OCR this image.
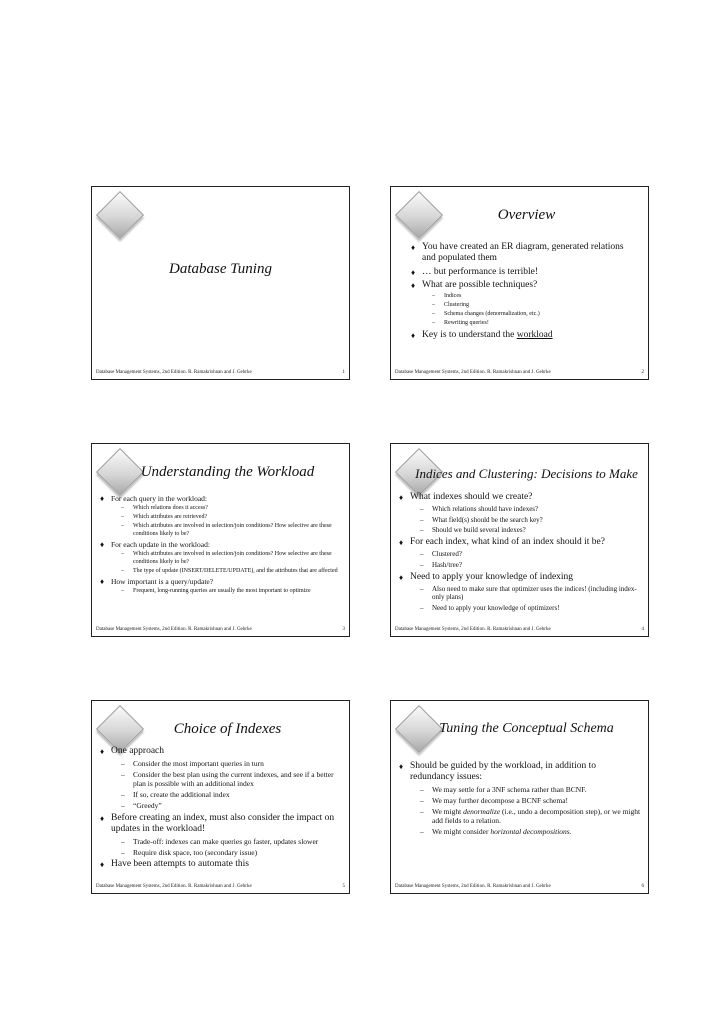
Database Tuning
Database Management Systems, 2nd Edition. R. Ramakrishnan and J. Gehrke	1
Overview
♦ You have created an ER diagram, generated relations and populated them
♦ … but performance is terrible!
♦ What are possible techniques?
– Indices
– Clustering
– Schema changes (denormalization, etc.)
– Rewriting queries!
♦ Key is to understand the workload
Database Management Systems, 2nd Edition. R. Ramakrishnan and J. Gehrke	2
Understanding the Workload
♦ For each query in the workload:
– Which relations does it access?
– Which attributes are retrieved?
– Which attributes are involved in selection/join conditions? How selective are these conditions likely to be?
♦ For each update in the workload:
– Which attributes are involved in selection/join conditions? How selective are these conditions likely to be?
– The type of update (INSERT/DELETE/UPDATE), and the attributes that are affected
♦ How important is a query/update?
– Frequent, long-running queries are usually the most important to optimize
Database Management Systems, 2nd Edition. R. Ramakrishnan and J. Gehrke	3
Indices and Clustering: Decisions to Make
♦ What indexes should we create?
– Which relations should have indexes?
– What field(s) should be the search key?
– Should we build several indexes?
♦ For each index, what kind of an index should it be?
– Clustered?
– Hash/tree?
♦ Need to apply your knowledge of indexing
– Also need to make sure that optimizer uses the indices! (including index-only plans)
– Need to apply your knowledge of optimizers!
Database Management Systems, 2nd Edition. R. Ramakrishnan and J. Gehrke	4
Choice of Indexes
♦ One approach
– Consider the most important queries in turn
– Consider the best plan using the current indexes, and see if a better plan is possible with an additional index
– If so, create the additional index
– “Greedy”
♦ Before creating an index, must also consider the impact on updates in the workload!
– Trade-off: indexes can make queries go faster, updates slower
– Require disk space, too (secondary issue)
♦ Have been attempts to automate this
Database Management Systems, 2nd Edition. R. Ramakrishnan and J. Gehrke	5
Tuning the Conceptual Schema
♦ Should be guided by the workload, in addition to redundancy issues:
– We may settle for a 3NF schema rather than BCNF.
– We may further decompose a BCNF schema!
– We might denormalize (i.e., undo a decomposition step), or we might add fields to a relation.
– We might consider horizontal decompositions.
Database Management Systems, 2nd Edition. R. Ramakrishnan and J. Gehrke	6
